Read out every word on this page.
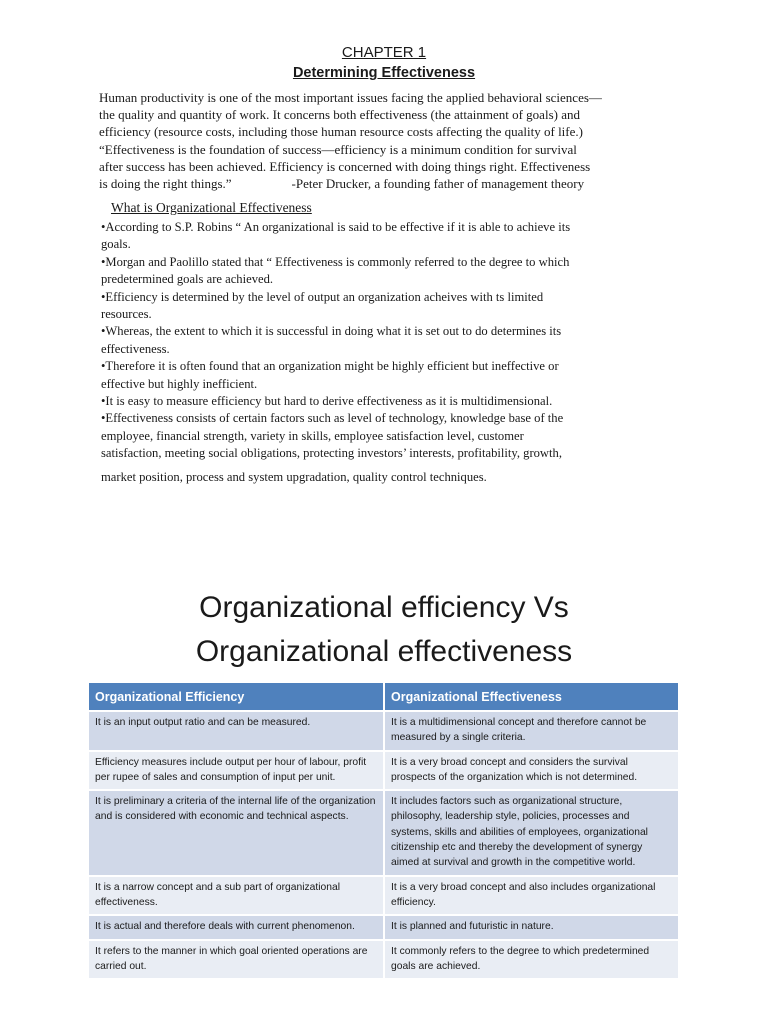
CHAPTER 1
Determining Effectiveness

Human productivity is one of the most important issues facing the applied behavioral sciences—

the quality and quantity of work. It concerns both effectiveness (the attainment of goals) and

efficiency (resource costs, including those human resource costs affecting the quality of life.)

“Effectiveness is the foundation of success—efficiency is a minimum condition for survival

after success has been achieved. Efficiency is concerned with doing things right. Effectiveness

is doing the right things.”	-Peter Drucker, a founding father of management theory

What is Organizational Effectiveness

•According to S.P. Robins “ An organizational is said to be effective if it is able to achieve its

goals.

•Morgan and Paolillo stated that “ Effectiveness is commonly referred to the degree to which

predetermined goals are achieved.

•Efficiency is determined by the level of output an organization acheives with ts limited

resources.

•Whereas, the extent to which it is successful in doing what it is set out to do determines its

effectiveness.

•Therefore it is often found that an organization might be highly efficient but ineffective or

effective but highly inefficient.

•It is easy to measure efficiency but hard to derive effectiveness as it is multidimensional.

•Effectiveness consists of certain factors such as level of technology, knowledge base of the

employee, financial strength, variety in skills, employee satisfaction level, customer

satisfaction, meeting social obligations, protecting investors’ interests, profitability, growth,

market position, process and system upgradation, quality control techniques.

Organizational efficiency Vs
Organizational effectiveness
Organizational Efficiency	Organizational Effectiveness
It is an input output ratio and can be measured.	It is a multidimensional concept and therefore cannot be measured by a single criteria.
Efficiency measures include output per hour of labour, profit per rupee of sales and consumption of input per unit.	It is a very broad concept and considers the survival prospects of the organization which is not determined.
It is preliminary a criteria of the internal life of the organization and is considered with economic and technical aspects.	It includes factors such as organizational structure, philosophy, leadership style, policies, processes and systems, skills and abilities of employees, organizational citizenship etc and thereby the development of synergy aimed at survival and growth in the competitive world.
It is a narrow concept and a sub part of organizational effectiveness.	It is a very broad concept and also includes organizational efficiency.
It is actual and therefore deals with current phenomenon.	It is planned and futuristic in nature.
It refers to the manner in which goal oriented operations are carried out.	It commonly refers to the degree to which predetermined goals are achieved.
